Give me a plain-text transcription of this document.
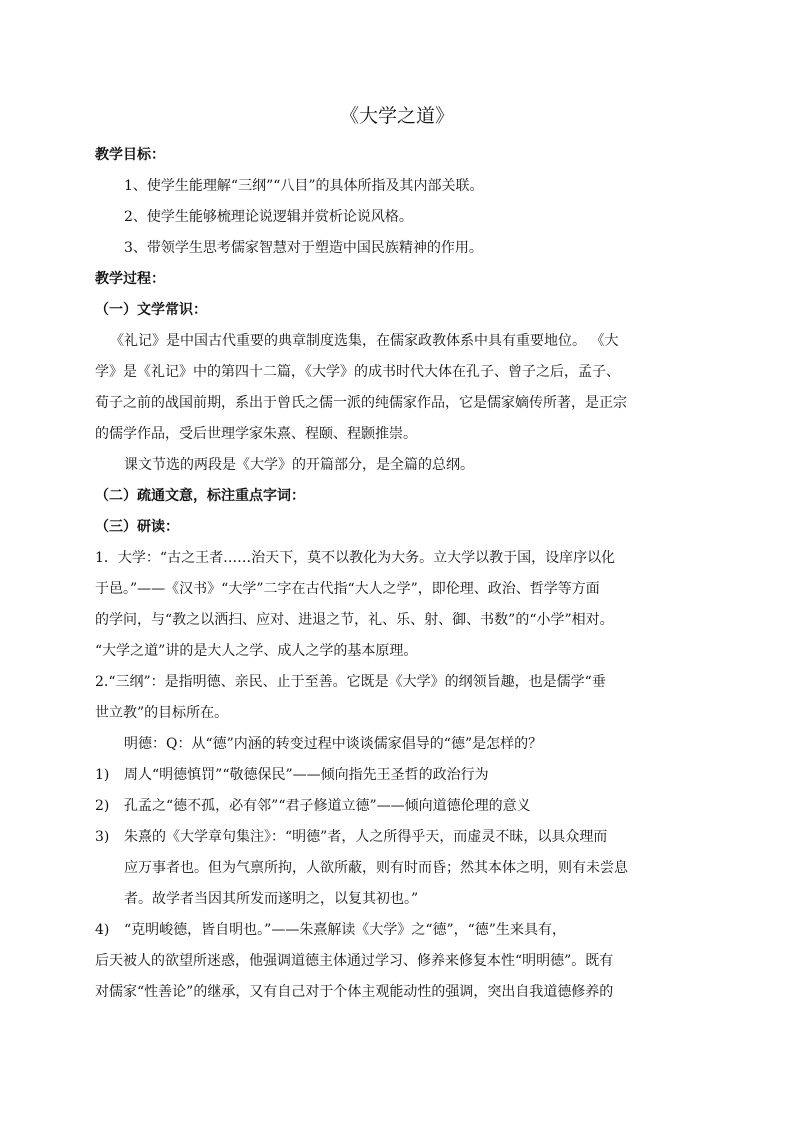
《大学之道》
教学目标：
1、使学生能理解“三纲”“八目”的具体所指及其内部关联。
2、使学生能够梳理论说逻辑并赏析论说风格。
3、带领学生思考儒家智慧对于塑造中国民族精神的作用。
教学过程：
（一）文学常识：
《礼记》是中国古代重要的典章制度选集，在儒家政教体系中具有重要地位。 《大
学》是《礼记》中的第四十二篇，《大学》的成书时代大体在孔子、曾子之后，孟子、
荀子之前的战国前期，系出于曾氏之儒一派的纯儒家作品，它是儒家嫡传所著，是正宗
的儒学作品，受后世理学家朱熹、程颐、程颢推崇。
课文节选的两段是《大学》的开篇部分，是全篇的总纲。
（二）疏通文意，标注重点字词：
（三）研读：
1．大学：“古之王者……治天下，莫不以教化为大务。立大学以教于国，设庠序以化
于邑。”——《汉书》“大学”二字在古代指“大人之学”，即伦理、政治、哲学等方面
的学问，与“教之以洒扫、应对、进退之节，礼、乐、射、御、书数”的“小学”相对。
“大学之道”讲的是大人之学、成人之学的基本原理。
2.“三纲”：是指明德、亲民、止于至善。它既是《大学》的纲领旨趣，也是儒学“垂
世立教”的目标所在。
明德：Q：从“德”内涵的转变过程中谈谈儒家倡导的“德”是怎样的？
1) 周人“明德慎罚”“敬德保民”——倾向指先王圣哲的政治行为
2) 孔孟之“德不孤，必有邻”“君子修道立德”——倾向道德伦理的意义
3) 朱熹的《大学章句集注》：“明德”者，人之所得乎天，而虚灵不昧，以具众理而
应万事者也。但为气禀所拘，人欲所蔽，则有时而昏；然其本体之明，则有未尝息
者。故学者当因其所发而遂明之，以复其初也。”
4) “克明峻德，皆自明也。”——朱熹解读《大学》之“德”，“德”生来具有，
后天被人的欲望所迷惑，他强调道德主体通过学习、修养来修复本性“明明德”。既有
对儒家“性善论”的继承，又有自己对于个体主观能动性的强调，突出自我道德修养的
